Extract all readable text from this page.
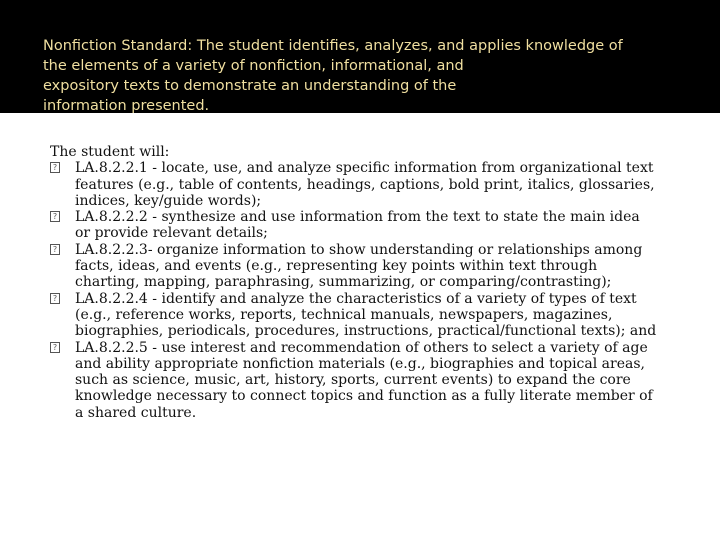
Nonfiction Standard: The student identifies, analyzes, and applies knowledge of
the elements of a variety of nonfiction, informational, and
expository texts to demonstrate an understanding of the
information presented.

The student will:

? LA.8.2.2.1 - locate, use, and analyze specific information from organizational text
features (e.g., table of contents, headings, captions, bold print, italics, glossaries,
indices, key/guide words);
? LA.8.2.2.2 - synthesize and use information from the text to state the main idea
or provide relevant details;
? LA.8.2.2.3- organize information to show understanding or relationships among
facts, ideas, and events (e.g., representing key points within text through
charting, mapping, paraphrasing, summarizing, or comparing/contrasting);
? LA.8.2.2.4 - identify and analyze the characteristics of a variety of types of text
(e.g., reference works, reports, technical manuals, newspapers, magazines,
biographies, periodicals, procedures, instructions, practical/functional texts); and
? LA.8.2.2.5 - use interest and recommendation of others to select a variety of age
and ability appropriate nonfiction materials (e.g., biographies and topical areas,
such as science, music, art, history, sports, current events) to expand the core
knowledge necessary to connect topics and function as a fully literate member of
a shared culture.
